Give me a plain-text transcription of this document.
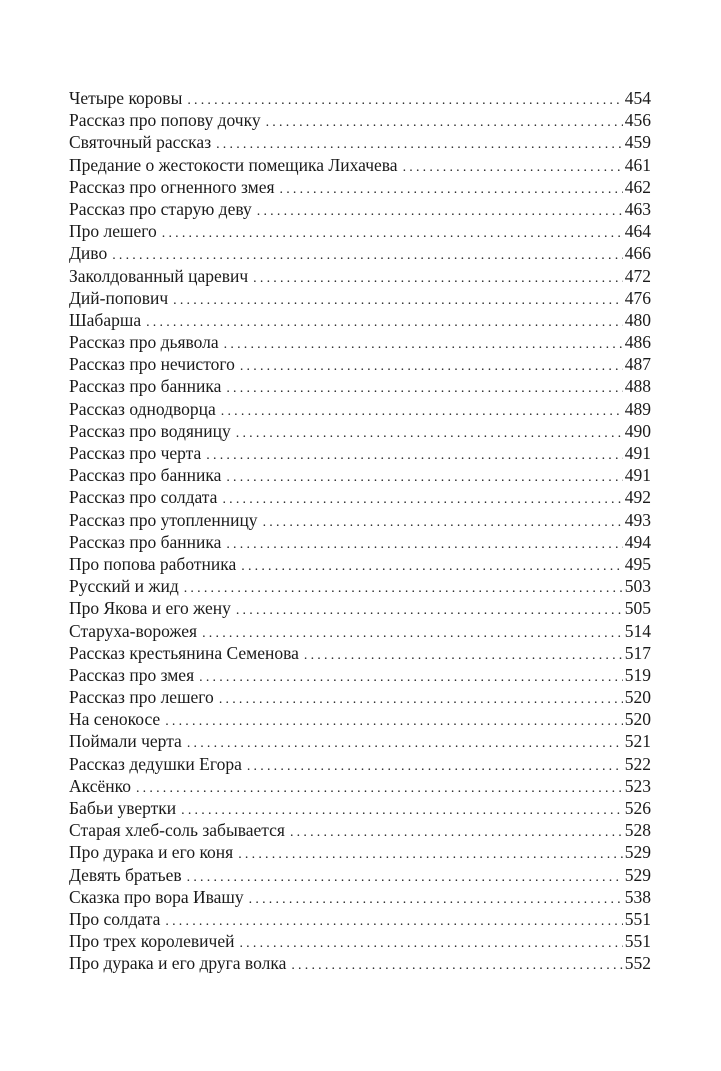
Четыре коровы .....	454
Рассказ про попову дочку .....	456
Святочный рассказ .....	459
Предание о жестокости помещика Лихачева .....	461
Рассказ про огненного змея .....	462
Рассказ про старую деву .....	463
Про лешего .....	464
Диво .....	466
Заколдованный царевич .....	472
Дий-попович .....	476
Шабарша .....	480
Рассказ про дьявола .....	486
Рассказ про нечистого .....	487
Рассказ про банника .....	488
Рассказ однодворца .....	489
Рассказ про водяницу .....	490
Рассказ про черта .....	491
Рассказ про банника .....	491
Рассказ про солдата .....	492
Рассказ про утопленницу .....	493
Рассказ про банника .....	494
Про попова работника .....	495
Русский и жид .....	503
Про Якова и его жену .....	505
Старуха-ворожея .....	514
Рассказ крестьянина Семенова .....	517
Рассказ про змея .....	519
Рассказ про лешего .....	520
На сенокосе .....	520
Поймали черта .....	521
Рассказ дедушки Егора .....	522
Аксёнко .....	523
Бабьи увертки .....	526
Старая хлеб-соль забывается .....	528
Про дурака и его коня .....	529
Девять братьев .....	529
Сказка про вора Ивашу .....	538
Про солдата .....	551
Про трех королевичей .....	551
Про дурака и его друга волка .....	552
